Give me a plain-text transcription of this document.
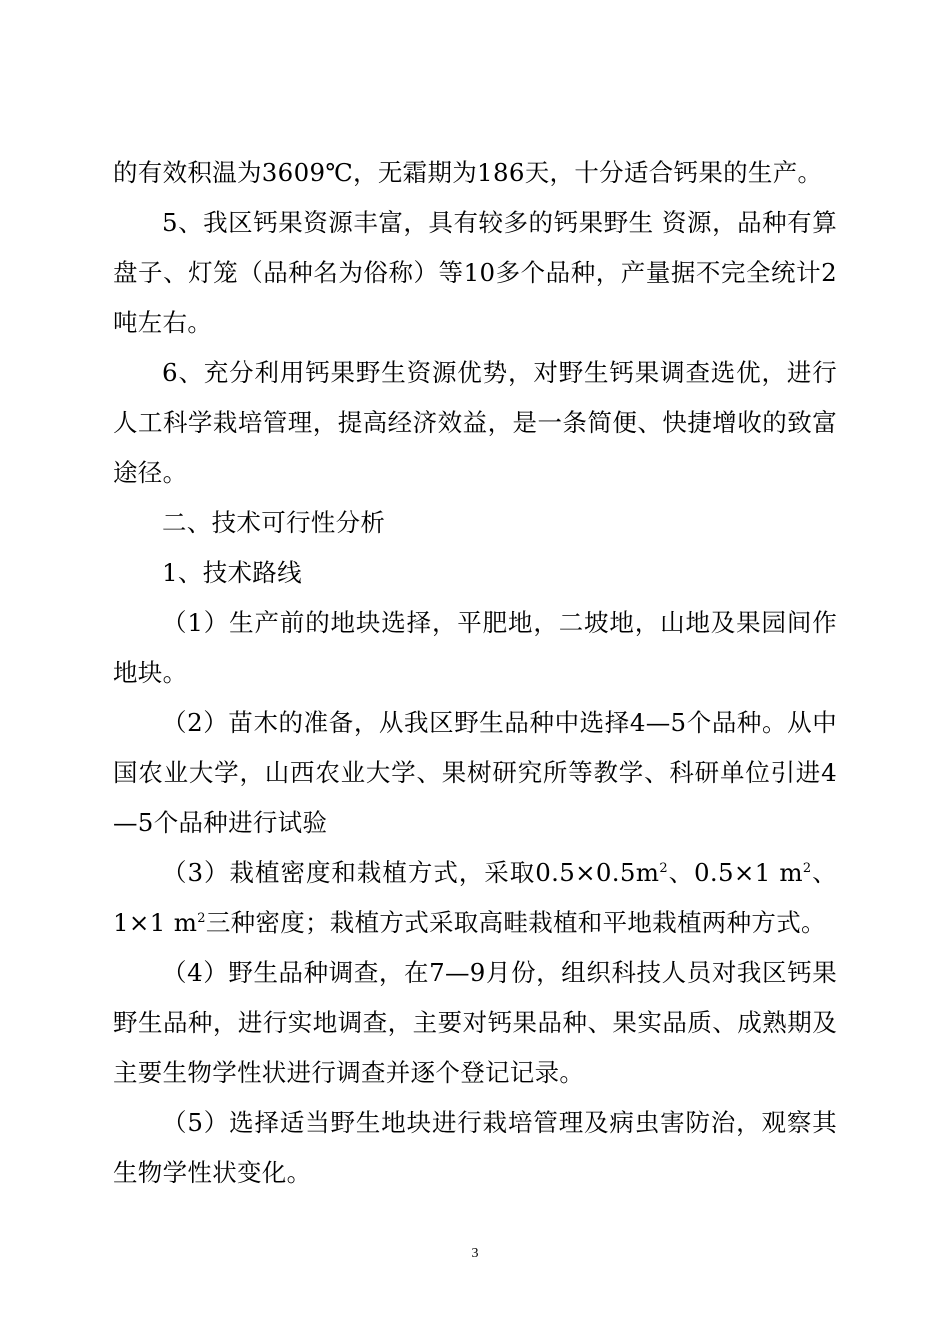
的有效积温为3609℃，无霜期为186天，十分适合钙果的生产。

5、我区钙果资源丰富，具有较多的钙果野生 资源，品种有算盘子、灯笼（品种名为俗称）等10多个品种，产量据不完全统计2吨左右。

6、充分利用钙果野生资源优势，对野生钙果调查选优，进行人工科学栽培管理，提高经济效益，是一条简便、快捷增收的致富途径。

二、技术可行性分析

1、技术路线

（1）生产前的地块选择，平肥地，二坡地，山地及果园间作地块。

（2）苗木的准备，从我区野生品种中选择4—5个品种。从中国农业大学，山西农业大学、果树研究所等教学、科研单位引进4—5个品种进行试验

（3）栽植密度和栽植方式，采取$0.5\times 0.5m^2$、0.5×1 $m^2$、1×1 $m^2$三种密度；栽植方式采取高畦栽植和平地栽植两种方式。

（4）野生品种调查，在7—9月份，组织科技人员对我区钙果野生品种，进行实地调查，主要对钙果品种、果实品质、成熟期及主要生物学性状进行调查并逐个登记记录。

（5）选择适当野生地块进行栽培管理及病虫害防治，观察其生物学性状变化。

3
